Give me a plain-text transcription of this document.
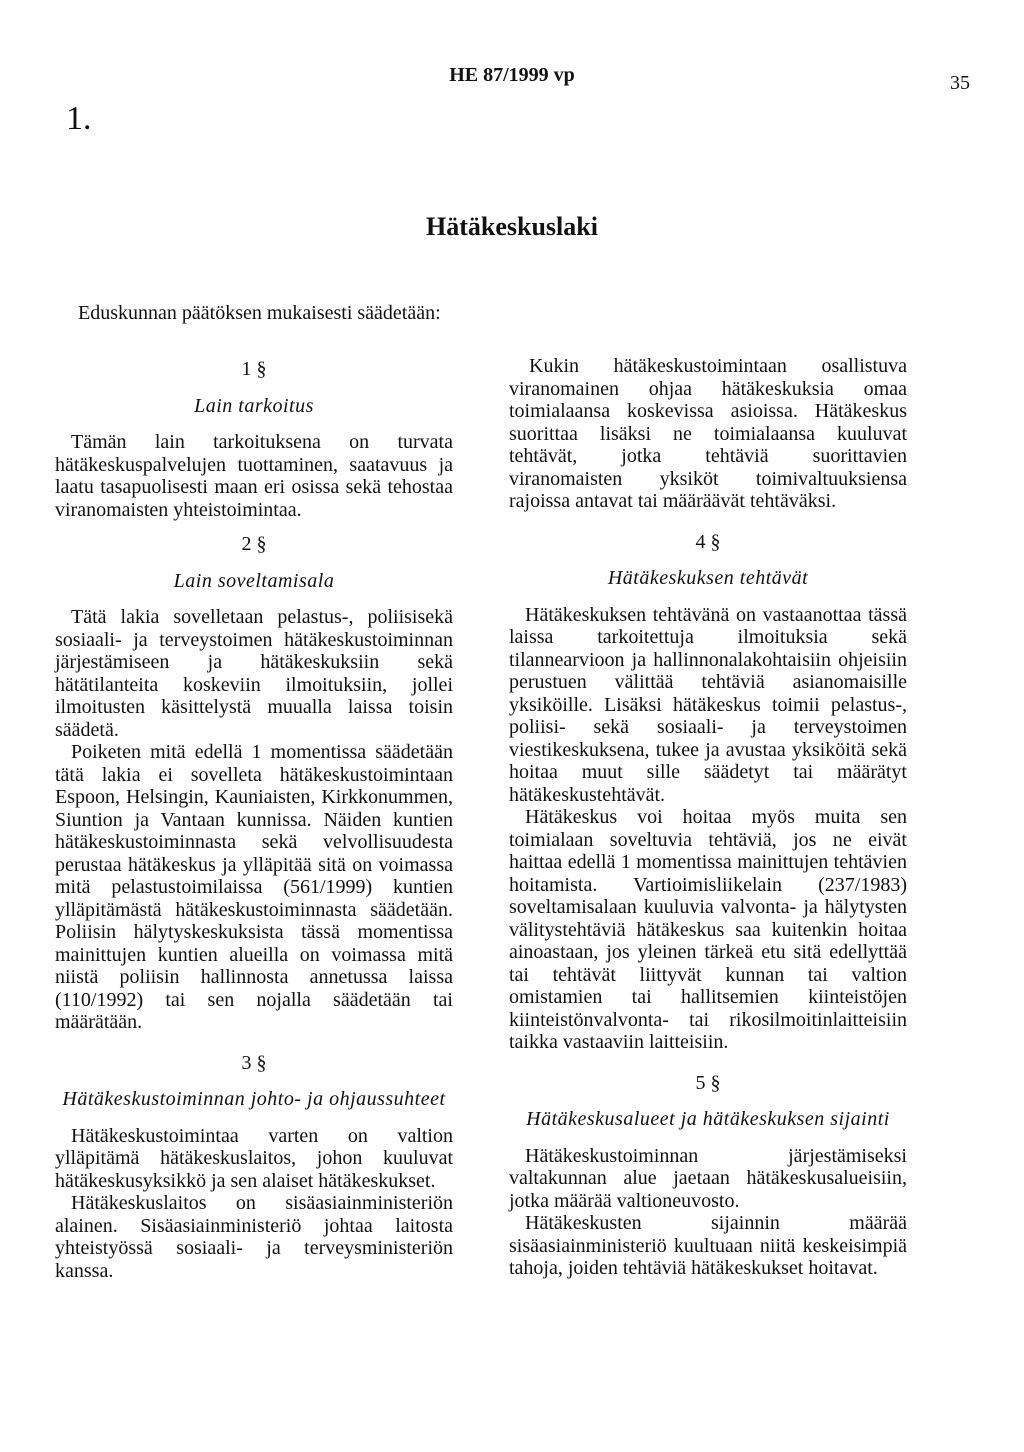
1.
HE 87/1999 vp	35
Hätäkeskuslaki
Eduskunnan päätöksen mukaisesti säädetään:
1 §
Lain tarkoitus

Tämän lain tarkoituksena on turvata hätäkeskuspalvelujen tuottaminen, saatavuus ja laatu tasapuolisesti maan eri osissa sekä tehostaa viranomaisten yhteistoimintaa.

2 §
Lain soveltamisala

Tätä lakia sovelletaan pelastus-, poliisisekä sosiaali- ja terveystoimen hätäkeskustoiminnan järjestämiseen ja hätäkeskuksiin sekä hätätilanteita koskeviin ilmoituksiin, jollei ilmoitusten käsittelystä muualla laissa toisin säädetä.

Poiketen mitä edellä 1 momentissa säädetään tätä lakia ei sovelleta hätäkeskustoimintaan Espoon, Helsingin, Kauniaisten, Kirkkonummen, Siuntion ja Vantaan kunnissa. Näiden kuntien hätäkeskustoiminnasta sekä velvollisuudesta perustaa hätäkeskus ja ylläpitää sitä on voimassa mitä pelastustoimilaissa (561/1999) kuntien ylläpitämästä hätäkeskustoiminnasta säädetään. Poliisin hälytyskeskuksista tässä momentissa mainittujen kuntien alueilla on voimassa mitä niistä poliisin hallinnosta annetussa laissa (110/1992) tai sen nojalla säädetään tai määrätään.

3 §
Hätäkeskustoiminnan johto- ja ohjaussuhteet

Hätäkeskustoimintaa varten on valtion ylläpitämä hätäkeskuslaitos, johon kuuluvat hätäkeskusyksikkö ja sen alaiset hätäkeskukset.

Hätäkeskuslaitos on sisäasiainministeriön alainen. Sisäasiainministeriö johtaa laitosta yhteistyössä sosiaali- ja terveysministeriön kanssa.

Kukin hätäkeskustoimintaan osallistuva viranomainen ohjaa hätäkeskuksia omaa toimialaansa koskevissa asioissa. Hätäkeskus suorittaa lisäksi ne toimialaansa kuuluvat tehtävät, jotka tehtäviä suorittavien viranomaisten yksiköt toimivaltuuksiensa rajoissa antavat tai määräävät tehtäväksi.

4 §
Hätäkeskuksen tehtävät

Hätäkeskuksen tehtävänä on vastaanottaa tässä laissa tarkoitettuja ilmoituksia sekä tilannearvioon ja hallinnonalakohtaisiin ohjeisiin perustuen välittää tehtäviä asianomaisille yksiköille. Lisäksi hätäkeskus toimii pelastus-, poliisi- sekä sosiaali- ja terveystoimen viestikeskuksena, tukee ja avustaa yksiköitä sekä hoitaa muut sille säädetyt tai määrätyt hätäkeskustehtävät.

Hätäkeskus voi hoitaa myös muita sen toimialaan soveltuvia tehtäviä, jos ne eivät haittaa edellä 1 momentissa mainittujen tehtävien hoitamista. Vartioimisliikelain (237/1983) soveltamisalaan kuuluvia valvonta- ja hälytysten välitystehtäviä hätäkeskus saa kuitenkin hoitaa ainoastaan, jos yleinen tärkeä etu sitä edellyttää tai tehtävät liittyvät kunnan tai valtion omistamien tai hallitsemien kiinteistöjen kiinteistönvalvonta- tai rikosilmoitinlaitteisiin taikka vastaaviin laitteisiin.

5 §
Hätäkeskusalueet ja hätäkeskuksen sijainti

Hätäkeskustoiminnan järjestämiseksi valtakunnan alue jaetaan hätäkeskusalueisiin, jotka määrää valtioneuvosto.

Hätäkeskusten sijainnin määrää sisäasiainministeriö kuultuaan niitä keskeisimpiä tahoja, joiden tehtäviä hätäkeskukset hoitavat.
